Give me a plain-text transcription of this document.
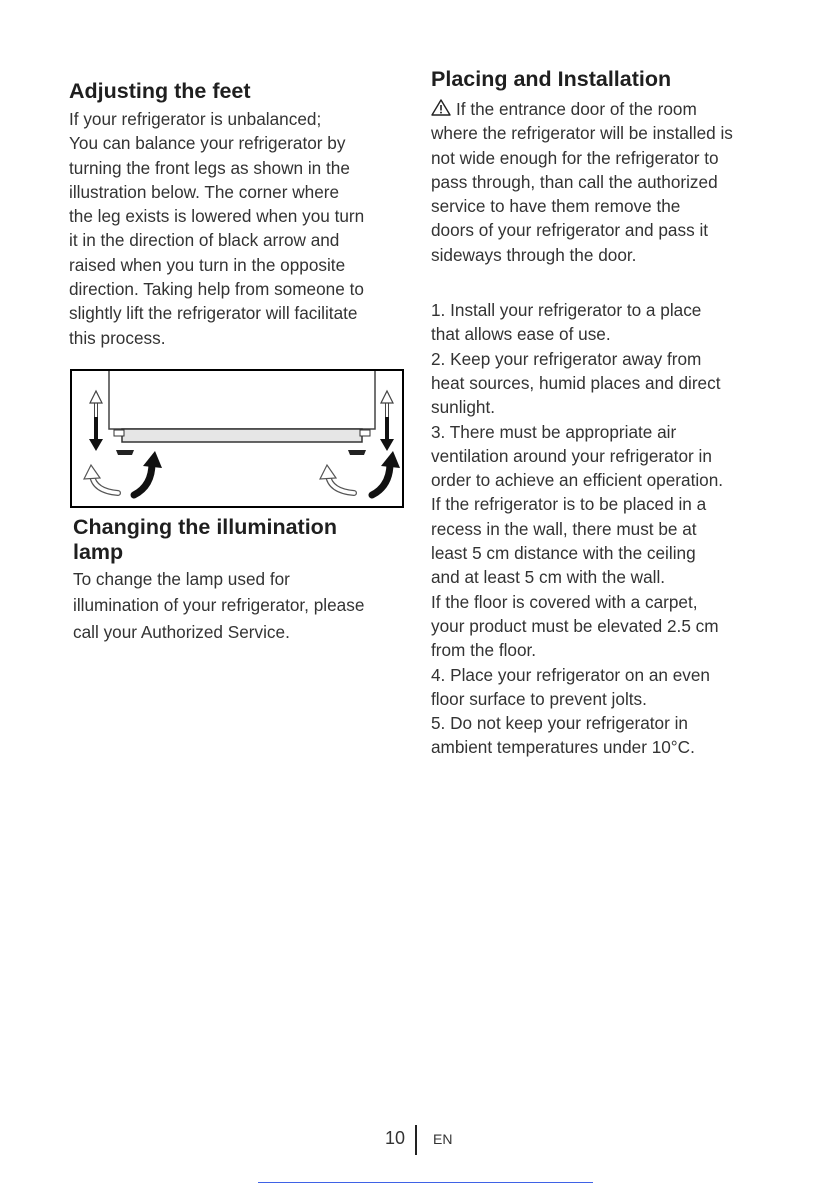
Adjusting the feet

If your refrigerator is unbalanced;

You can balance your refrigerator by

turning the front legs as shown in the

illustration below. The corner where

the leg exists is lowered when you turn

it in the direction of black arrow and

raised when you turn in the opposite

direction. Taking help from someone to

slightly lift the refrigerator will facilitate

this process.

Changing the illumination
lamp

To change the lamp used for

illumination of your refrigerator, please

call your Authorized Service.

Placing and Installation

If the entrance door of the room

where the refrigerator will be installed is

not wide enough for the refrigerator to

pass through, than call the authorized

service to have them remove the

doors of your refrigerator and pass it

sideways through the door.

1. Install your refrigerator to a place

that allows ease of use.

2. Keep your refrigerator away from

heat sources, humid places and direct

sunlight.

3. There must be appropriate air

ventilation around your refrigerator in

order to achieve an efficient operation.

If the refrigerator is to be placed in a

recess in the wall, there must be at

least 5 cm distance with the ceiling

and at least 5 cm with the wall.

If the floor is covered with a carpet,

your product must be elevated 2.5 cm

from the floor.

4. Place your refrigerator on an even

floor surface to prevent jolts.

5. Do not keep your refrigerator in

ambient temperatures under 10°C.

10 EN
